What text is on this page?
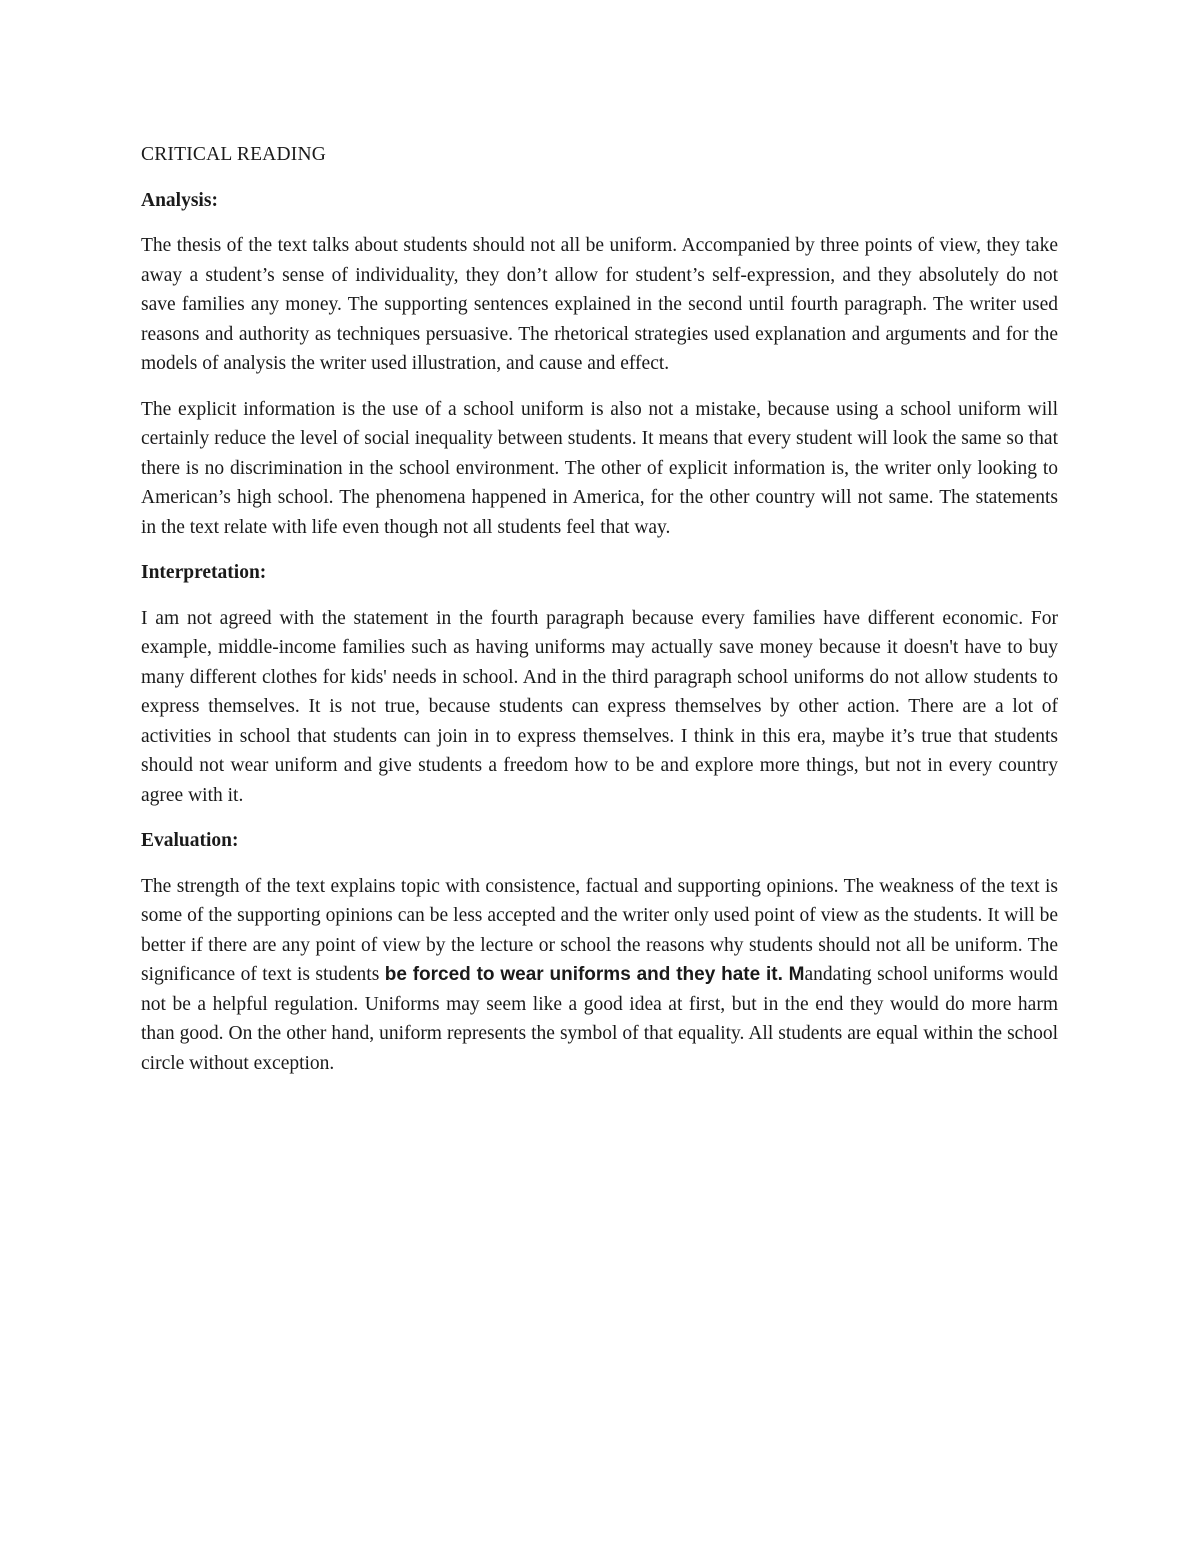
CRITICAL READING
Analysis:

The thesis of the text talks about students should not all be uniform. Accompanied by three points of view, they take away a student’s sense of individuality, they don’t allow for student’s self-expression, and they absolutely do not save families any money. The supporting sentences explained in the second until fourth paragraph. The writer used reasons and authority as techniques persuasive. The rhetorical strategies used explanation and arguments and for the models of analysis the writer used illustration, and cause and effect.

The explicit information is the use of a school uniform is also not a mistake, because using a school uniform will certainly reduce the level of social inequality between students. It means that every student will look the same so that there is no discrimination in the school environment. The other of explicit information is, the writer only looking to American’s high school. The phenomena happened in America, for the other country will not same. The statements in the text relate with life even though not all students feel that way.

Interpretation:

I am not agreed with the statement in the fourth paragraph because every families have different economic. For example, middle-income families such as having uniforms may actually save money because it doesn't have to buy many different clothes for kids' needs in school. And in the third paragraph school uniforms do not allow students to express themselves. It is not true, because students can express themselves by other action. There are a lot of activities in school that students can join in to express themselves. I think in this era, maybe it’s true that students should not wear uniform and give students a freedom how to be and explore more things, but not in every country agree with it.

Evaluation:

The strength of the text explains topic with consistence, factual and supporting opinions. The weakness of the text is some of the supporting opinions can be less accepted and the writer only used point of view as the students. It will be better if there are any point of view by the lecture or school the reasons why students should not all be uniform. The significance of text is students be forced to wear uniforms and they hate it. Mandating school uniforms would not be a helpful regulation. Uniforms may seem like a good idea at first, but in the end they would do more harm than good. On the other hand, uniform represents the symbol of that equality. All students are equal within the school circle without exception.
